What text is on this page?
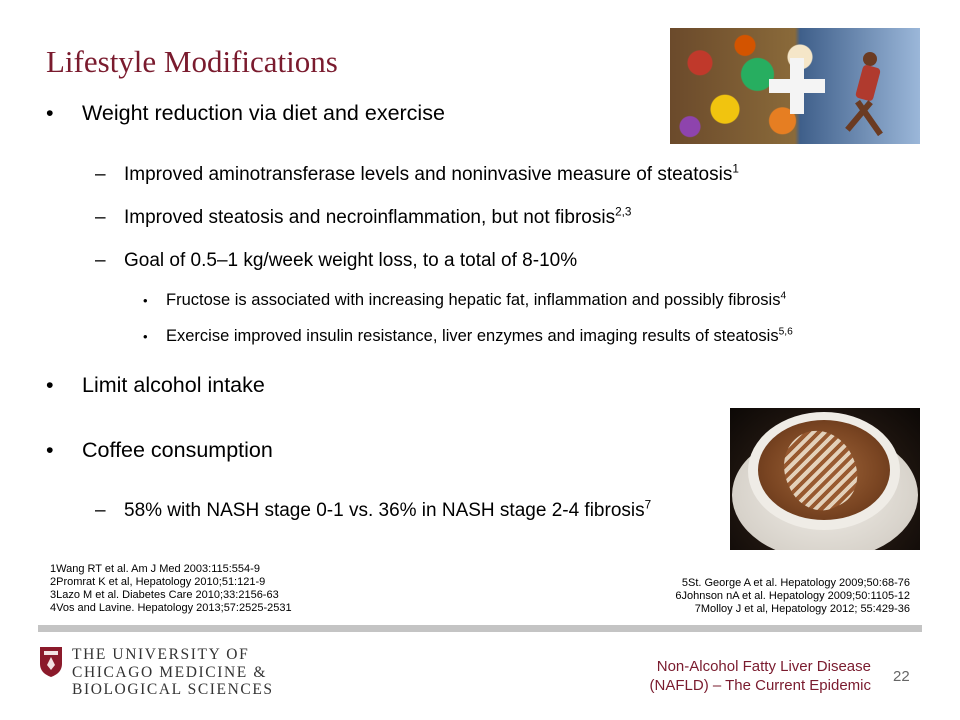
Lifestyle Modifications
• Weight reduction via diet and exercise
– Improved aminotransferase levels and noninvasive measure of steatosis$^1$
– Improved steatosis and necroinflammation, but not fibrosis$^{2,3}$
– Goal of 0.5–1 kg/week weight loss, to a total of 8-10%
• Fructose is associated with increasing hepatic fat, inflammation and possibly fibrosis$^4$
• Exercise improved insulin resistance, liver enzymes and imaging results of steatosis$^{5,6}$
• Limit alcohol intake
• Coffee consumption
– 58% with NASH stage 0-1 vs. 36% in NASH stage 2-4 fibrosis$^7$
1Wang RT et al. Am J Med 2003:115:554-9
2Promrat K et al, Hepatology 2010;51:121-9
3Lazo M et al. Diabetes Care 2010;33:2156-63
4Vos and Lavine. Hepatology 2013;57:2525-2531
5St. George A et al. Hepatology 2009;50:68-76
6Johnson nA et al. Hepatology 2009;50:1105-12
7Molloy J et al, Hepatology 2012; 55:429-36
THE UNIVERSITY OF
CHICAGO MEDICINE &
BIOLOGICAL SCIENCES
Non-Alcohol Fatty Liver Disease
(NAFLD) – The Current Epidemic
22
